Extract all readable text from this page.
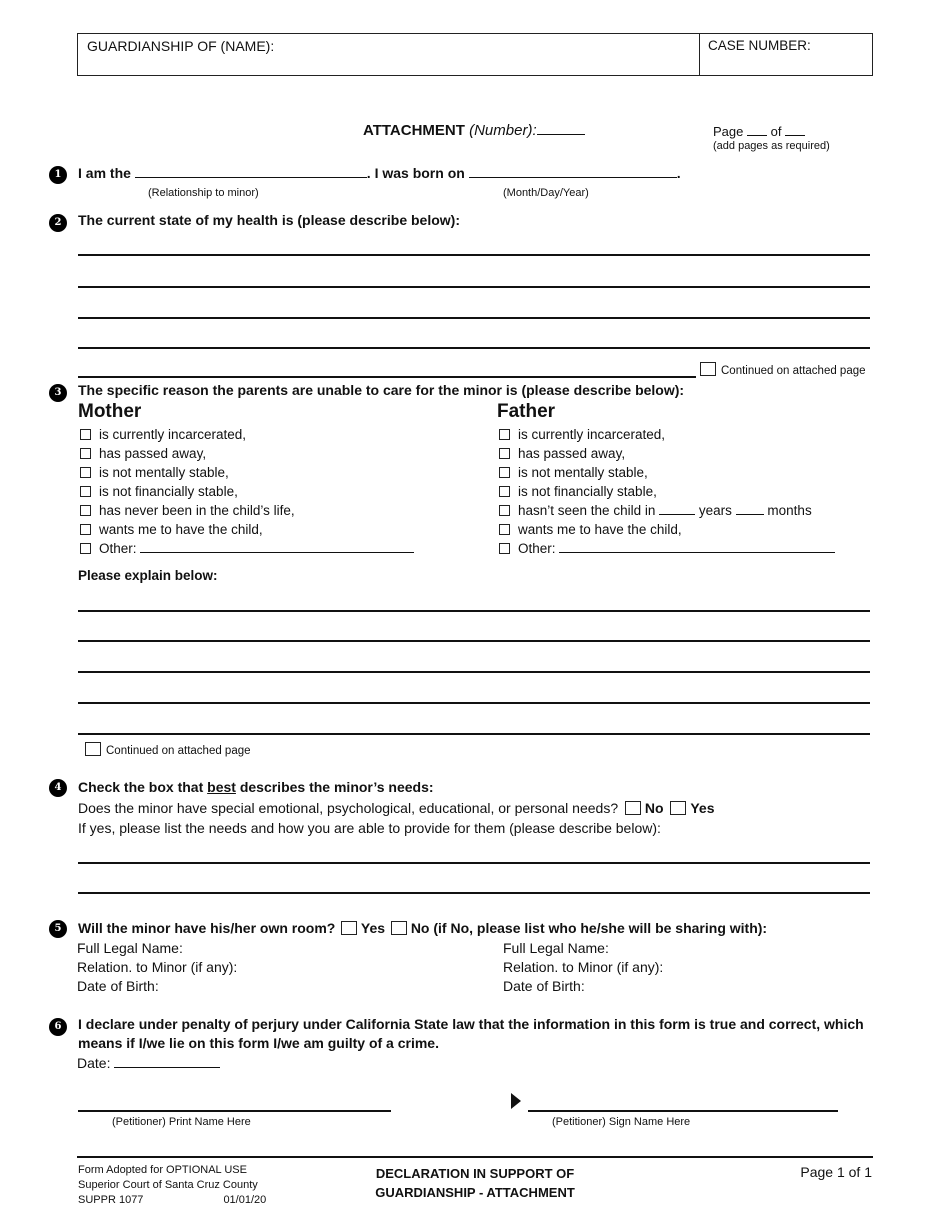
GUARDIANSHIP OF (NAME):	CASE NUMBER:
ATTACHMENT (Number):	Page of
(add pages as required)
1	I am the	. I was born on	.
(Relationship to minor)	(Month/Day/Year)
2	The current state of my health is (please describe below):
Continued on attached page
3	The specific reason the parents are unable to care for the minor is (please describe below):
Mother	Father
is currently incarcerated,
has passed away,
is not mentally stable,
is not financially stable,
has never been in the child’s life,
wants me to have the child,
Other:
is currently incarcerated,
has passed away,
is not mentally stable,
is not financially stable,
hasn’t seen the child in	years	months
wants me to have the child,
Other:
Please explain below:
Continued on attached page
4	Check the box that best describes the minor’s needs:
Does the minor have special emotional, psychological, educational, or personal needs? No Yes
If yes, please list the needs and how you are able to provide for them (please describe below):
5	Will the minor have his/her own room? Yes No (if No, please list who he/she will be sharing with):
Full Legal Name:
Relation. to Minor (if any):
Date of Birth:
Full Legal Name:
Relation. to Minor (if any):
Date of Birth:
6	I declare under penalty of perjury under California State law that the information in this form is true and correct, which means if I/we lie on this form I/we am guilty of a crime.
Date:
(Petitioner) Print Name Here	(Petitioner) Sign Name Here
Form Adopted for OPTIONAL USE
Superior Court of Santa Cruz County
SUPPR 1077	01/01/20
DECLARATION IN SUPPORT OF
GUARDIANSHIP - ATTACHMENT
Page 1 of 1
